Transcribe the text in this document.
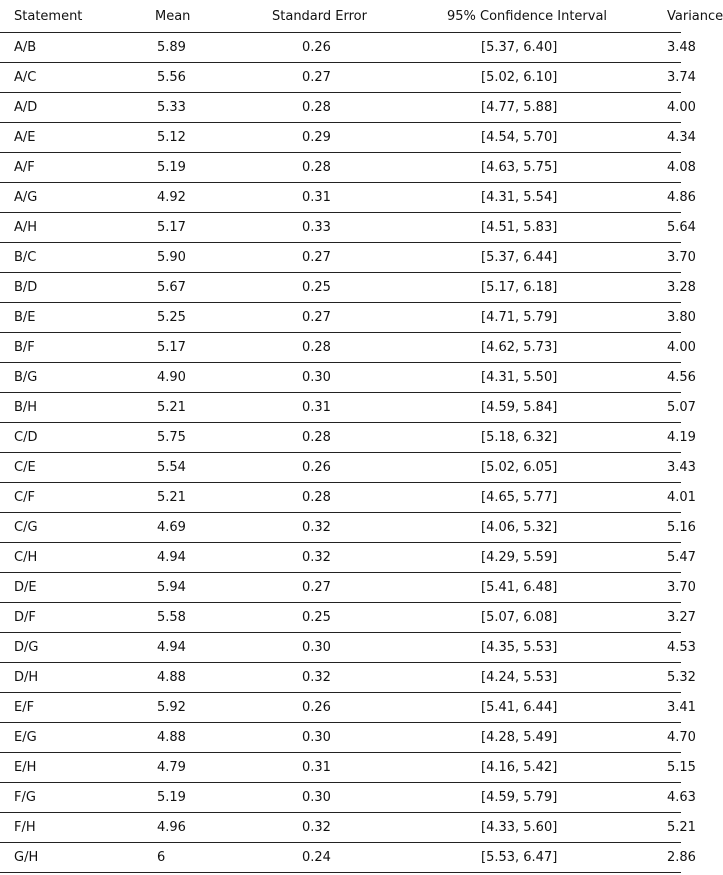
Statement	Mean	Standard Error	95% Confidence Interval	Variance
A/B	5.89	0.26	[5.37, 6.40]	3.48
A/C	5.56	0.27	[5.02, 6.10]	3.74
A/D	5.33	0.28	[4.77, 5.88]	4.00
A/E	5.12	0.29	[4.54, 5.70]	4.34
A/F	5.19	0.28	[4.63, 5.75]	4.08
A/G	4.92	0.31	[4.31, 5.54]	4.86
A/H	5.17	0.33	[4.51, 5.83]	5.64
B/C	5.90	0.27	[5.37, 6.44]	3.70
B/D	5.67	0.25	[5.17, 6.18]	3.28
B/E	5.25	0.27	[4.71, 5.79]	3.80
B/F	5.17	0.28	[4.62, 5.73]	4.00
B/G	4.90	0.30	[4.31, 5.50]	4.56
B/H	5.21	0.31	[4.59, 5.84]	5.07
C/D	5.75	0.28	[5.18, 6.32]	4.19
C/E	5.54	0.26	[5.02, 6.05]	3.43
C/F	5.21	0.28	[4.65, 5.77]	4.01
C/G	4.69	0.32	[4.06, 5.32]	5.16
C/H	4.94	0.32	[4.29, 5.59]	5.47
D/E	5.94	0.27	[5.41, 6.48]	3.70
D/F	5.58	0.25	[5.07, 6.08]	3.27
D/G	4.94	0.30	[4.35, 5.53]	4.53
D/H	4.88	0.32	[4.24, 5.53]	5.32
E/F	5.92	0.26	[5.41, 6.44]	3.41
E/G	4.88	0.30	[4.28, 5.49]	4.70
E/H	4.79	0.31	[4.16, 5.42]	5.15
F/G	5.19	0.30	[4.59, 5.79]	4.63
F/H	4.96	0.32	[4.33, 5.60]	5.21
G/H	6	0.24	[5.53, 6.47]	2.86
